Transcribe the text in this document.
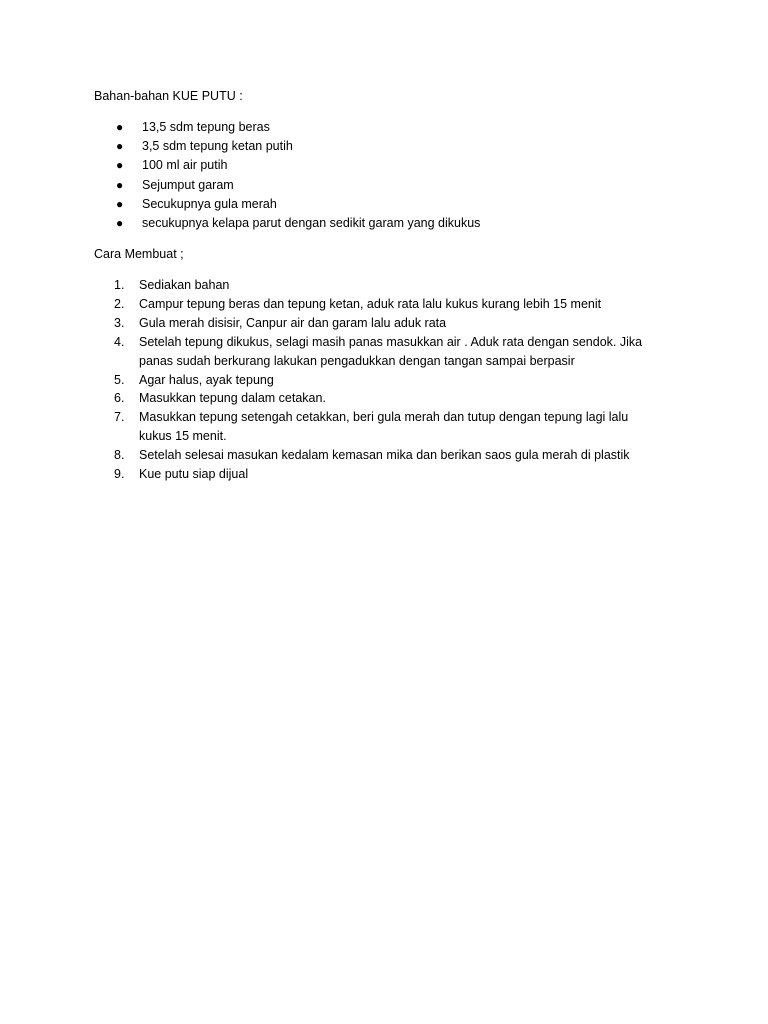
Bahan-bahan KUE PUTU :

● 13,5 sdm tepung beras
● 3,5 sdm tepung ketan putih
● 100 ml air putih
● Sejumput garam
● Secukupnya gula merah
● secukupnya kelapa parut dengan sedikit garam yang dikukus

Cara Membuat ;

1.	Sediakan bahan
2.	Campur tepung beras dan tepung ketan, aduk rata lalu kukus kurang lebih 15 menit
3.	Gula merah disisir, Canpur air dan garam lalu aduk rata
4.	Setelah tepung dikukus, selagi masih panas masukkan air . Aduk rata dengan sendok. Jika panas sudah berkurang lakukan pengadukkan dengan tangan sampai berpasir
5.	Agar halus, ayak tepung
6.	Masukkan tepung dalam cetakan.
7.	Masukkan tepung setengah cetakkan, beri gula merah dan tutup dengan tepung lagi lalu kukus 15 menit.
8.	Setelah selesai masukan kedalam kemasan mika dan berikan saos gula merah di plastik
9.	Kue putu siap dijual
